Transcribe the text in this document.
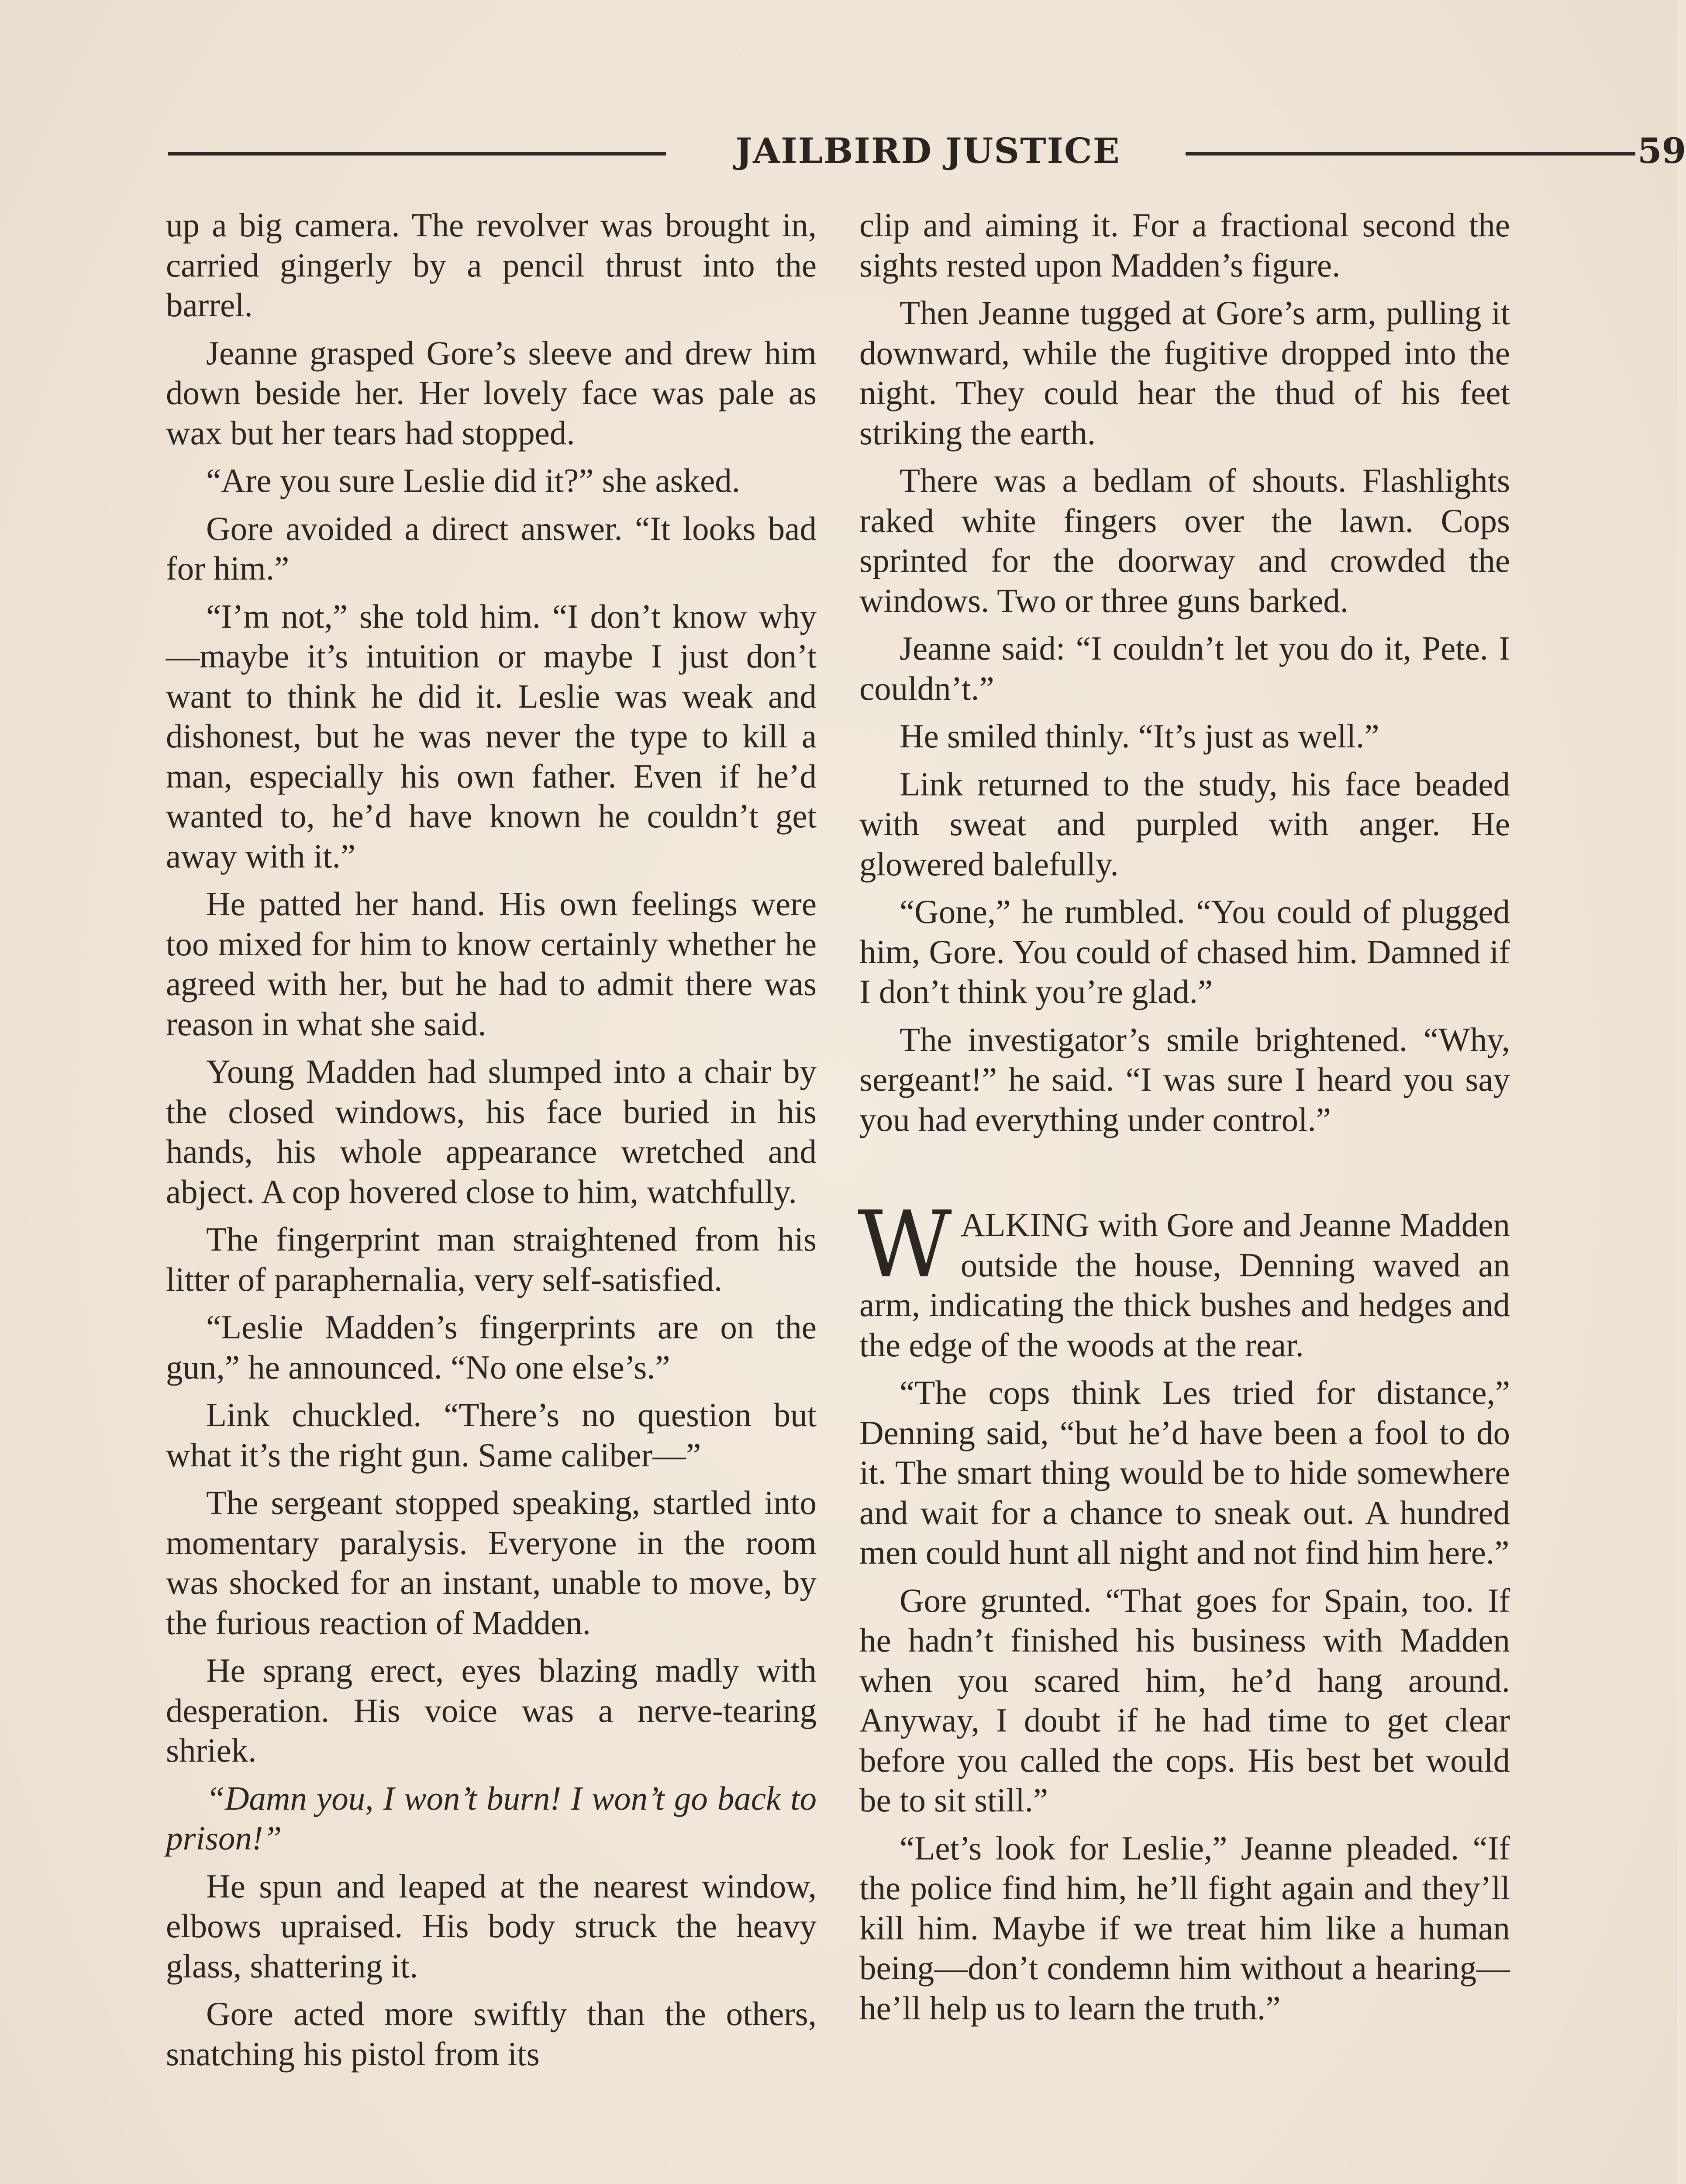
JAILBIRD JUSTICE	59

up a big camera. The revolver was brought in, carried gingerly by a pencil thrust into the barrel.

Jeanne grasped Gore’s sleeve and drew him down beside her. Her lovely face was pale as wax but her tears had stopped.

“Are you sure Leslie did it?” she asked.

Gore avoided a direct answer. “It looks bad for him.”

“I’m not,” she told him. “I don’t know why—maybe it’s intuition or maybe I just don’t want to think he did it. Leslie was weak and dishonest, but he was never the type to kill a man, especially his own father. Even if he’d wanted to, he’d have known he couldn’t get away with it.”

He patted her hand. His own feelings were too mixed for him to know certainly whether he agreed with her, but he had to admit there was reason in what she said.

Young Madden had slumped into a chair by the closed windows, his face buried in his hands, his whole appearance wretched and abject. A cop hovered close to him, watchfully.

The fingerprint man straightened from his litter of paraphernalia, very self-satisfied.

“Leslie Madden’s fingerprints are on the gun,” he announced. “No one else’s.”

Link chuckled. “There’s no question but what it’s the right gun. Same caliber—”

The sergeant stopped speaking, startled into momentary paralysis. Everyone in the room was shocked for an instant, unable to move, by the furious reaction of Madden.

He sprang erect, eyes blazing madly with desperation. His voice was a nerve-tearing shriek.

“Damn you, I won’t burn! I won’t go back to prison!”

He spun and leaped at the nearest window, elbows upraised. His body struck the heavy glass, shattering it.

Gore acted more swiftly than the others, snatching his pistol from its

clip and aiming it. For a fractional second the sights rested upon Madden’s figure.

Then Jeanne tugged at Gore’s arm, pulling it downward, while the fugitive dropped into the night. They could hear the thud of his feet striking the earth.

There was a bedlam of shouts. Flashlights raked white fingers over the lawn. Cops sprinted for the doorway and crowded the windows. Two or three guns barked.

Jeanne said: “I couldn’t let you do it, Pete. I couldn’t.”

He smiled thinly. “It’s just as well.”

Link returned to the study, his face beaded with sweat and purpled with anger. He glowered balefully.

“Gone,” he rumbled. “You could of plugged him, Gore. You could of chased him. Damned if I don’t think you’re glad.”

The investigator’s smile brightened. “Why, sergeant!” he said. “I was sure I heard you say you had everything under control.”

WALKING with Gore and Jeanne Madden outside the house, Denning waved an arm, indicating the thick bushes and hedges and the edge of the woods at the rear.

“The cops think Les tried for distance,” Denning said, “but he’d have been a fool to do it. The smart thing would be to hide somewhere and wait for a chance to sneak out. A hundred men could hunt all night and not find him here.”

Gore grunted. “That goes for Spain, too. If he hadn’t finished his business with Madden when you scared him, he’d hang around. Anyway, I doubt if he had time to get clear before you called the cops. His best bet would be to sit still.”

“Let’s look for Leslie,” Jeanne pleaded. “If the police find him, he’ll fight again and they’ll kill him. Maybe if we treat him like a human being—don’t condemn him without a hearing—he’ll help us to learn the truth.”
